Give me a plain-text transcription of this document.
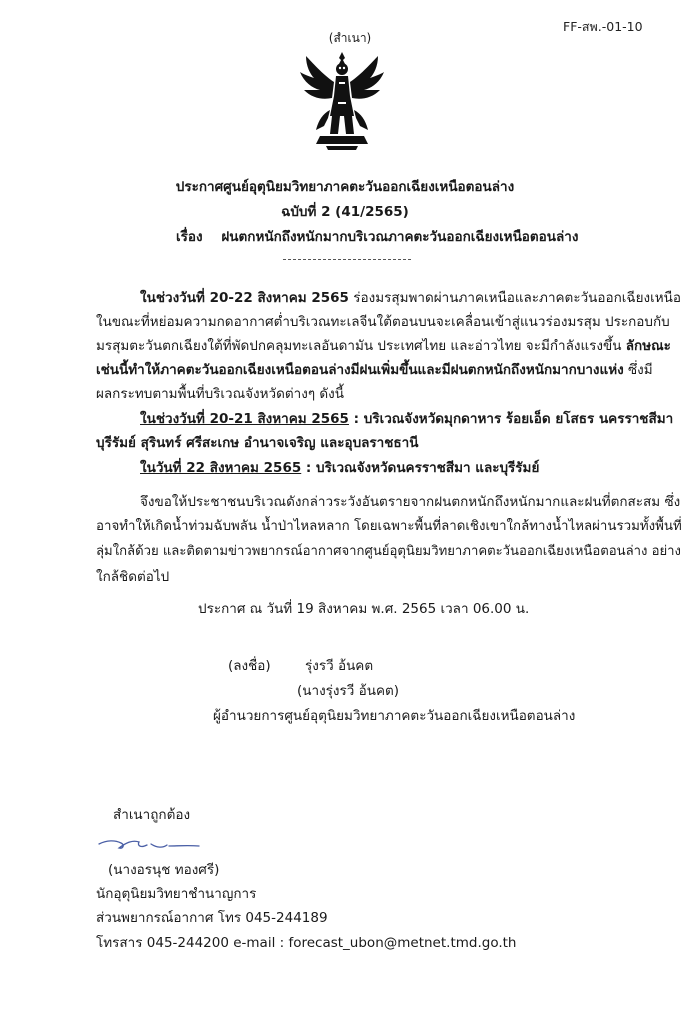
FF-สพ.-01-10
(สำเนา)
ประกาศศูนย์อุตุนิยมวิทยาภาคตะวันออกเฉียงเหนือตอนล่าง
ฉบับที่ 2 (41/2565)
เรื่อง ฝนตกหนักถึงหนักมากบริเวณภาคตะวันออกเฉียงเหนือตอนล่าง
ในช่วงวันที่ 20-22 สิงหาคม 2565 ร่องมรสุมพาดผ่านภาคเหนือและภาคตะวันออกเฉียงเหนือ
ในขณะที่หย่อมความกดอากาศต่ำบริเวณทะเลจีนใต้ตอนบนจะเคลื่อนเข้าสู่แนวร่องมรสุม ประกอบกับ
มรสุมตะวันตกเฉียงใต้ที่พัดปกคลุมทะเลอันดามัน ประเทศไทย และอ่าวไทย จะมีกำลังแรงขึ้น ลักษณะ
เช่นนี้ทำให้ภาคตะวันออกเฉียงเหนือตอนล่างมีฝนเพิ่มขึ้นและมีฝนตกหนักถึงหนักมากบางแห่ง ซึ่งมี
ผลกระทบตามพื้นที่บริเวณจังหวัดต่างๆ ดังนี้
ในช่วงวันที่ 20-21 สิงหาคม 2565 : บริเวณจังหวัดมุกดาหาร ร้อยเอ็ด ยโสธร นครราชสีมา
บุรีรัมย์ สุรินทร์ ศรีสะเกษ อำนาจเจริญ และอุบลราชธานี
ในวันที่ 22 สิงหาคม 2565 : บริเวณจังหวัดนครราชสีมา และบุรีรัมย์
จึงขอให้ประชาชนบริเวณดังกล่าวระวังอันตรายจากฝนตกหนักถึงหนักมากและฝนที่ตกสะสม ซึ่ง
อาจทำให้เกิดน้ำท่วมฉับพลัน น้ำป่าไหลหลาก โดยเฉพาะพื้นที่ลาดเชิงเขาใกล้ทางน้ำไหลผ่านรวมทั้งพื้นที่
ลุ่มใกล้ด้วย และติดตามข่าวพยากรณ์อากาศจากศูนย์อุตุนิยมวิทยาภาคตะวันออกเฉียงเหนือตอนล่าง อย่าง
ใกล้ชิดต่อไป
ประกาศ ณ วันที่ 19 สิงหาคม พ.ศ. 2565 เวลา 06.00 น.
(ลงชื่อ)	รุ่งรวี อ้นคต
(นางรุ่งรวี อ้นคต)
ผู้อำนวยการศูนย์อุตุนิยมวิทยาภาคตะวันออกเฉียงเหนือตอนล่าง
สำเนาถูกต้อง
(นางอรนุช ทองศรี)
นักอุตุนิยมวิทยาชำนาญการ
ส่วนพยากรณ์อากาศ โทร 045-244189
โทรสาร 045-244200 e-mail : forecast_ubon@metnet.tmd.go.th
